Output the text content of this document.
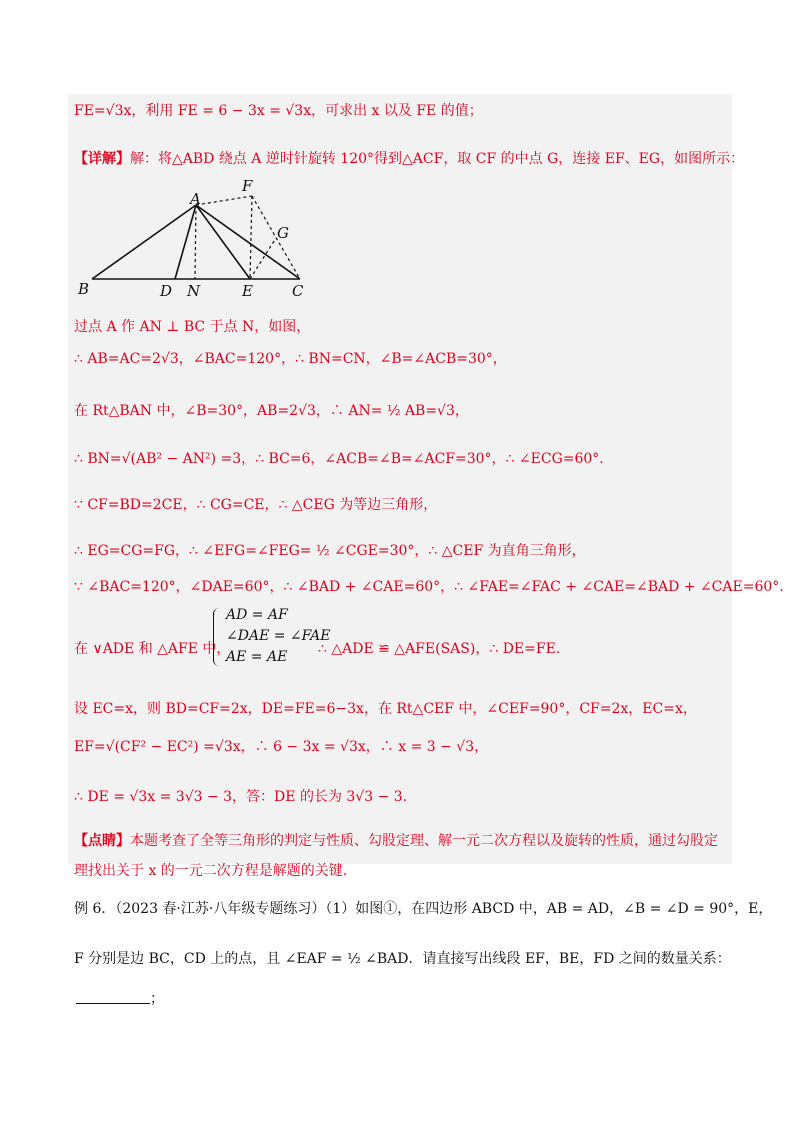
FE=√3x，利用 FE = 6 − 3x = √3x，可求出 x 以及 FE 的值；
【详解】解：将△ABD 绕点 A 逆时针旋转 120°得到△ACF，取 CF 的中点 G，连接 EF、EG，如图所示：
A
F
G
B	D N	E	C
过点 A 作 AN ⊥ BC 于点 N，如图，
∴ AB=AC=2√3，∠BAC=120°，∴ BN=CN，∠B=∠ACB=30°，
在 Rt△BAN 中，∠B=30°，AB=2√3，∴ AN= ½ AB=√3，
∴ BN=√(AB² − AN²) =3，∴ BC=6，∠ACB=∠B=∠ACF=30°，∴ ∠ECG=60°.
∵ CF=BD=2CE，∴ CG=CE，∴ △CEG 为等边三角形，
∴ EG=CG=FG，∴ ∠EFG=∠FEG= ½ ∠CGE=30°，∴ △CEF 为直角三角形，
∵ ∠BAC=120°，∠DAE=60°，∴ ∠BAD + ∠CAE=60°，∴ ∠FAE=∠FAC + ∠CAE=∠BAD + ∠CAE=60°.
在 ∨ADE 和 △AFE 中，
AD = AF
∠DAE = ∠FAE
AE = AE ∴ △ADE ≌ △AFE(SAS)，∴ DE=FE.
设 EC=x，则 BD=CF=2x，DE=FE=6−3x，在 Rt△CEF 中，∠CEF=90°，CF=2x，EC=x，
EF=√(CF² − EC²) =√3x，∴ 6 − 3x = √3x，∴ x = 3 − √3，
∴ DE = √3x = 3√3 − 3，答：DE 的长为 3√3 − 3.
【点睛】本题考查了全等三角形的判定与性质、勾股定理、解一元二次方程以及旋转的性质，通过勾股定
理找出关于 x 的一元二次方程是解题的关键.
例 6．（2023 春·江苏·八年级专题练习）（1）如图①，在四边形 ABCD 中，AB = AD，∠B = ∠D = 90°，E，
F 分别是边 BC，CD 上的点，且 ∠EAF = ½ ∠BAD．请直接写出线段 EF，BE，FD 之间的数量关系：
；
